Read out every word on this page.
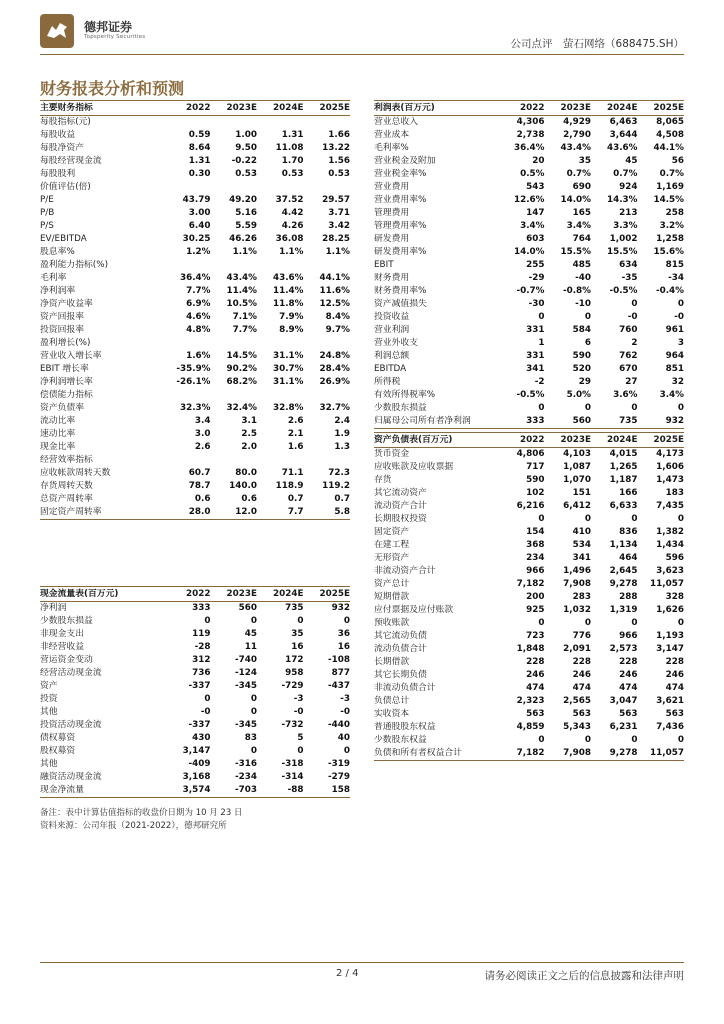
德邦证券
Topsperity Securities
公司点评　萤石网络（688475.SH）
财务报表分析和预测
主要财务指标	2022	2023E	2024E	2025E
每股指标(元)				
每股收益	0.59	1.00	1.31	1.66
每股净资产	8.64	9.50	11.08	13.22
每股经营现金流	1.31	-0.22	1.70	1.56
每股股利	0.30	0.53	0.53	0.53
价值评估(倍)				
P/E	43.79	49.20	37.52	29.57
P/B	3.00	5.16	4.42	3.71
P/S	6.40	5.59	4.26	3.42
EV/EBITDA	30.25	46.26	36.08	28.25
股息率%	1.2%	1.1%	1.1%	1.1%
盈利能力指标(%)				
毛利率	36.4%	43.4%	43.6%	44.1%
净利润率	7.7%	11.4%	11.4%	11.6%
净资产收益率	6.9%	10.5%	11.8%	12.5%
资产回报率	4.6%	7.1%	7.9%	8.4%
投资回报率	4.8%	7.7%	8.9%	9.7%
盈利增长(%)				
营业收入增长率	1.6%	14.5%	31.1%	24.8%
EBIT 增长率	-35.9%	90.2%	30.7%	28.4%
净利润增长率	-26.1%	68.2%	31.1%	26.9%
偿债能力指标				
资产负债率	32.3%	32.4%	32.8%	32.7%
流动比率	3.4	3.1	2.6	2.4
速动比率	3.0	2.5	2.1	1.9
现金比率	2.6	2.0	1.6	1.3
经营效率指标				
应收帐款周转天数	60.7	80.0	71.1	72.3
存货周转天数	78.7	140.0	118.9	119.2
总资产周转率	0.6	0.6	0.7	0.7
固定资产周转率	28.0	12.0	7.7	5.8
利润表(百万元)	2022	2023E	2024E	2025E
营业总收入	4,306	4,929	6,463	8,065
营业成本	2,738	2,790	3,644	4,508
毛利率%	36.4%	43.4%	43.6%	44.1%
营业税金及附加	20	35	45	56
营业税金率%	0.5%	0.7%	0.7%	0.7%
营业费用	543	690	924	1,169
营业费用率%	12.6%	14.0%	14.3%	14.5%
管理费用	147	165	213	258
管理费用率%	3.4%	3.4%	3.3%	3.2%
研发费用	603	764	1,002	1,258
研发费用率%	14.0%	15.5%	15.5%	15.6%
EBIT	255	485	634	815
财务费用	-29	-40	-35	-34
财务费用率%	-0.7%	-0.8%	-0.5%	-0.4%
资产减值损失	-30	-10	0	0
投资收益	0	0	-0	-0
营业利润	331	584	760	961
营业外收支	1	6	2	3
利润总额	331	590	762	964
EBITDA	341	520	670	851
所得税	-2	29	27	32
有效所得税率%	-0.5%	5.0%	3.6%	3.4%
少数股东损益	0	0	0	0
归属母公司所有者净利润	333	560	735	932
资产负债表(百万元)	2022	2023E	2024E	2025E
货币资金	4,806	4,103	4,015	4,173
应收账款及应收票据	717	1,087	1,265	1,606
存货	590	1,070	1,187	1,473
其它流动资产	102	151	166	183
流动资产合计	6,216	6,412	6,633	7,435
长期股权投资	0	0	0	0
固定资产	154	410	836	1,382
在建工程	368	534	1,134	1,434
无形资产	234	341	464	596
非流动资产合计	966	1,496	2,645	3,623
资产总计	7,182	7,908	9,278	11,057
短期借款	200	283	288	328
应付票据及应付账款	925	1,032	1,319	1,626
预收账款	0	0	0	0
其它流动负债	723	776	966	1,193
流动负债合计	1,848	2,091	2,573	3,147
长期借款	228	228	228	228
其它长期负债	246	246	246	246
非流动负债合计	474	474	474	474
负债总计	2,323	2,565	3,047	3,621
实收资本	563	563	563	563
普通股股东权益	4,859	5,343	6,231	7,436
少数股东权益	0	0	0	0
负债和所有者权益合计	7,182	7,908	9,278	11,057
现金流量表(百万元)	2022	2023E	2024E	2025E
净利润	333	560	735	932
少数股东损益	0	0	0	0
非现金支出	119	45	35	36
非经营收益	-28	11	16	16
营运资金变动	312	-740	172	-108
经营活动现金流	736	-124	958	877
资产	-337	-345	-729	-437
投资	0	0	-3	-3
其他	-0	0	-0	-0
投资活动现金流	-337	-345	-732	-440
债权募资	430	83	5	40
股权募资	3,147	0	0	0
其他	-409	-316	-318	-319
融资活动现金流	3,168	-234	-314	-279
现金净流量	3,574	-703	-88	158
备注：表中计算估值指标的收盘价日期为 10 月 23 日
资料来源：公司年报（2021-2022），德邦研究所
2 / 4	请务必阅读正文之后的信息披露和法律声明
